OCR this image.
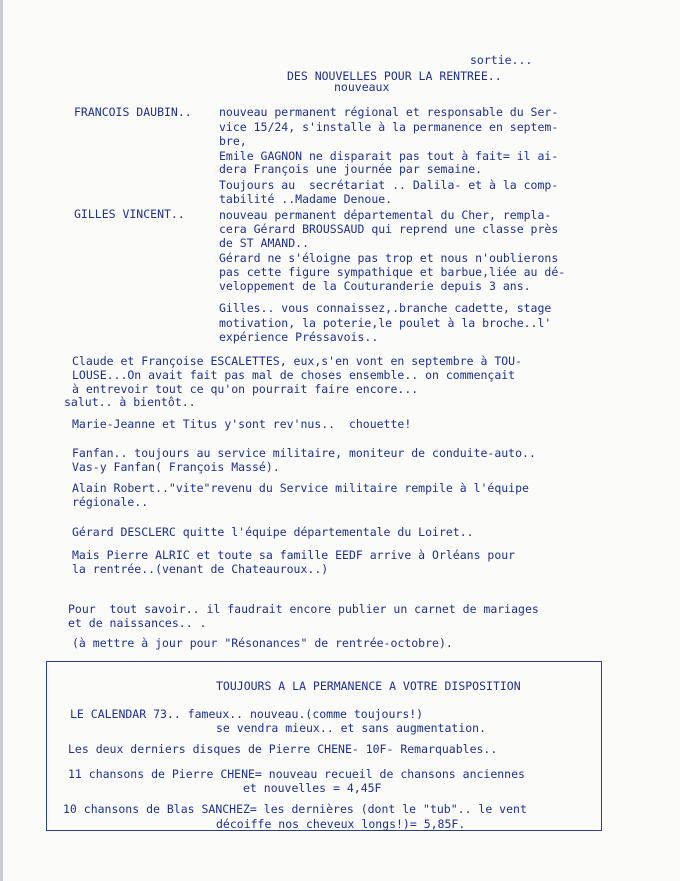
sortie...
DES NOUVELLES POUR LA RENTREE..
nouveaux
FRANCOIS DAUBIN.. nouveau permanent régional et responsable du Ser-
vice 15/24, s'installe à la permanence en septem-
bre,
Emile GAGNON ne disparait pas tout à fait= il ai-
dera François une journée par semaine.
Toujours au  secrétariat .. Dalila- et à la comp-
tabilité ..Madame Denoue.
GILLES VINCENT..	nouveau permanent départemental du Cher, rempla-
cera Gérard BROUSSAUD qui reprend une classe près
de ST AMAND..
Gérard ne s'éloigne pas trop et nous n'oublierons
pas cette figure sympathique et barbue,liée au dé-
veloppement de la Couturanderie depuis 3 ans.
Gilles.. vous connaissez,.branche cadette, stage
motivation, la poterie,le poulet à la broche..l'
expérience Préssavois..
Claude et Françoise ESCALETTES, eux,s'en vont en septembre à TOU-
LOUSE...On avait fait pas mal de choses ensemble.. on commençait
à entrevoir tout ce qu'on pourrait faire encore...
salut.. à bientôt..
Marie-Jeanne et Titus y'sont rev'nus..  chouette!
Fanfan.. toujours au service militaire, moniteur de conduite-auto..
Vas-y Fanfan( François Massé).
Alain Robert.."vite"revenu du Service militaire rempile à l'équipe
régionale..
Gérard DESCLERC quitte l'équipe départementale du Loiret..
Mais Pierre ALRIC et toute sa famille EEDF arrive à Orléans pour
la rentrée..(venant de Chateauroux..)
Pour  tout savoir.. il faudrait encore publier un carnet de mariages
et de naissances.. .
(à mettre à jour pour "Résonances" de rentrée-octobre).
TOUJOURS A LA PERMANENCE A VOTRE DISPOSITION
LE CALENDAR 73.. fameux.. nouveau.(comme toujours!)
se vendra mieux.. et sans augmentation.
Les deux derniers disques de Pierre CHENE- 10F- Remarquables..
11 chansons de Pierre CHENE= nouveau recueil de chansons anciennes
et nouvelles = 4,45F
10 chansons de Blas SANCHEZ= les dernières (dont le "tub".. le vent
décoiffe nos cheveux longs!)= 5,85F.
